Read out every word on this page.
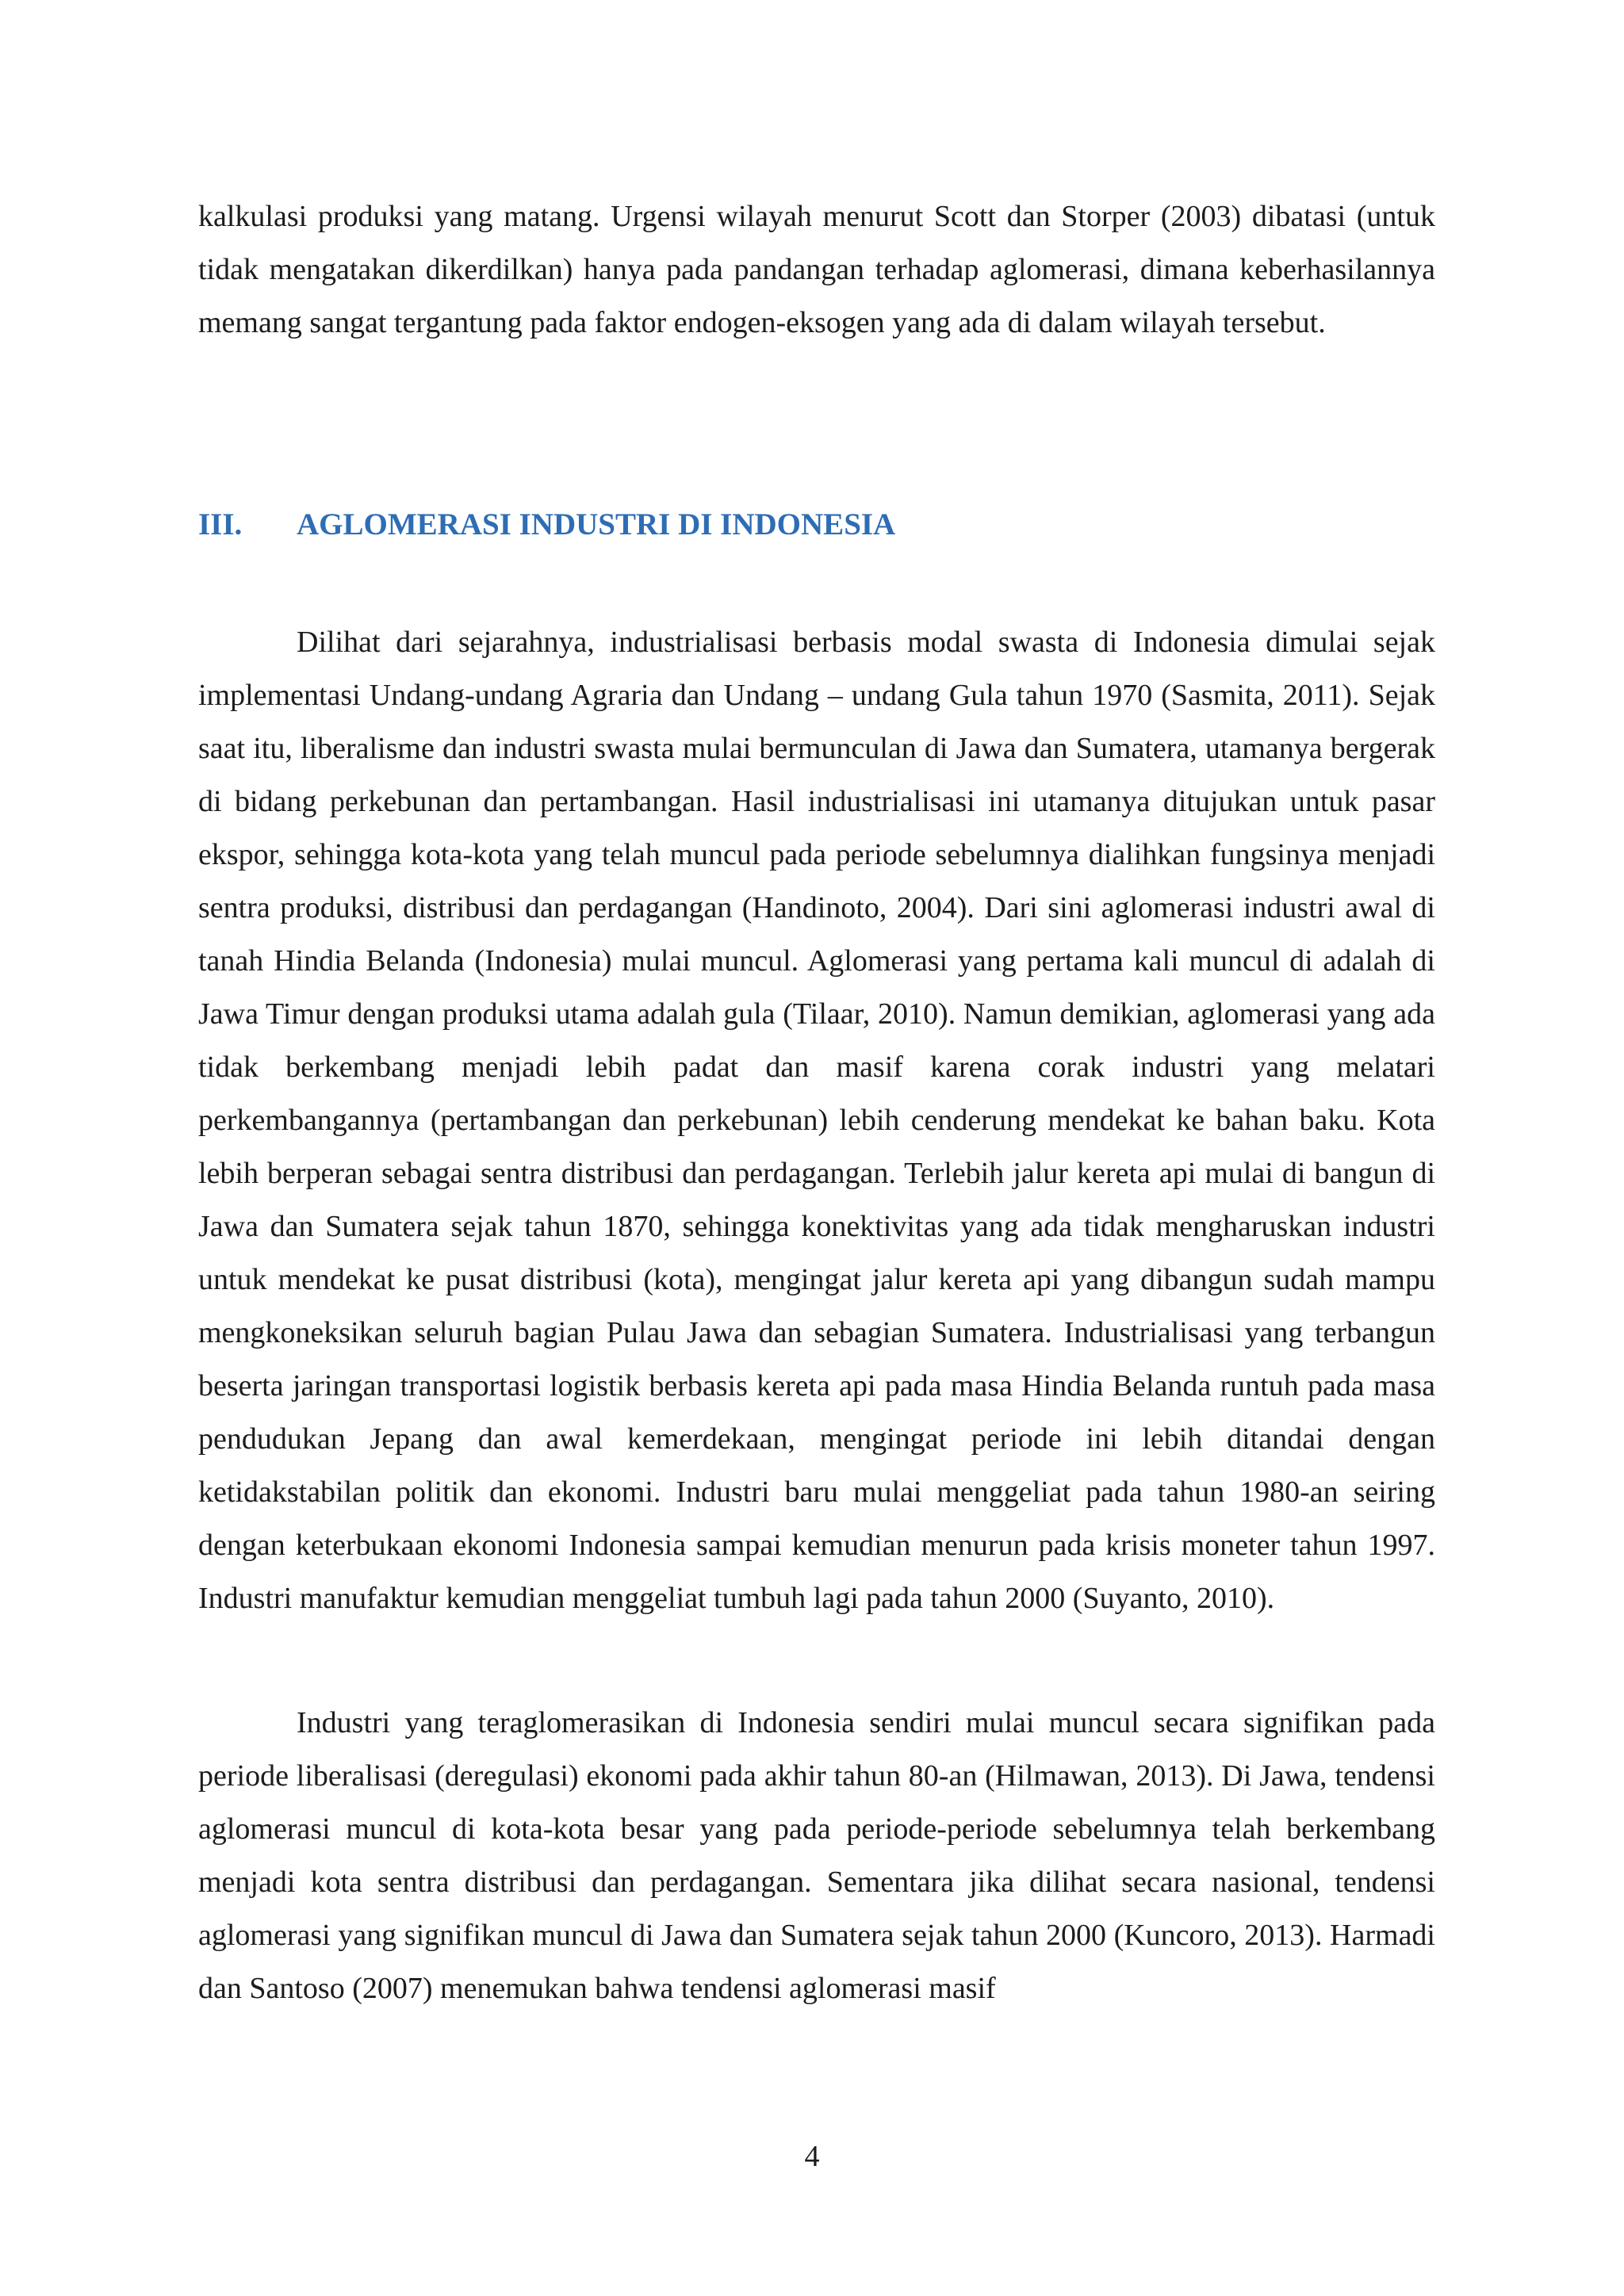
kalkulasi produksi yang matang. Urgensi wilayah menurut Scott dan Storper (2003) dibatasi (untuk tidak mengatakan dikerdilkan) hanya pada pandangan terhadap aglomerasi, dimana keberhasilannya memang sangat tergantung pada faktor endogen-eksogen yang ada di dalam wilayah tersebut.

III. AGLOMERASI INDUSTRI DI INDONESIA

Dilihat dari sejarahnya, industrialisasi berbasis modal swasta di Indonesia dimulai sejak implementasi Undang-undang Agraria dan Undang – undang Gula tahun 1970 (Sasmita, 2011). Sejak saat itu, liberalisme dan industri swasta mulai bermunculan di Jawa dan Sumatera, utamanya bergerak di bidang perkebunan dan pertambangan. Hasil industrialisasi ini utamanya ditujukan untuk pasar ekspor, sehingga kota-kota yang telah muncul pada periode sebelumnya dialihkan fungsinya menjadi sentra produksi, distribusi dan perdagangan (Handinoto, 2004). Dari sini aglomerasi industri awal di tanah Hindia Belanda (Indonesia) mulai muncul. Aglomerasi yang pertama kali muncul di adalah di Jawa Timur dengan produksi utama adalah gula (Tilaar, 2010). Namun demikian, aglomerasi yang ada tidak berkembang menjadi lebih padat dan masif karena corak industri yang melatari perkembangannya (pertambangan dan perkebunan) lebih cenderung mendekat ke bahan baku. Kota lebih berperan sebagai sentra distribusi dan perdagangan. Terlebih jalur kereta api mulai di bangun di Jawa dan Sumatera sejak tahun 1870, sehingga konektivitas yang ada tidak mengharuskan industri untuk mendekat ke pusat distribusi (kota), mengingat jalur kereta api yang dibangun sudah mampu mengkoneksikan seluruh bagian Pulau Jawa dan sebagian Sumatera. Industrialisasi yang terbangun beserta jaringan transportasi logistik berbasis kereta api pada masa Hindia Belanda runtuh pada masa pendudukan Jepang dan awal kemerdekaan, mengingat periode ini lebih ditandai dengan ketidakstabilan politik dan ekonomi. Industri baru mulai menggeliat pada tahun 1980-an seiring dengan keterbukaan ekonomi Indonesia sampai kemudian menurun pada krisis moneter tahun 1997. Industri manufaktur kemudian menggeliat tumbuh lagi pada tahun 2000 (Suyanto, 2010).

Industri yang teraglomerasikan di Indonesia sendiri mulai muncul secara signifikan pada periode liberalisasi (deregulasi) ekonomi pada akhir tahun 80-an (Hilmawan, 2013). Di Jawa, tendensi aglomerasi muncul di kota-kota besar yang pada periode-periode sebelumnya telah berkembang menjadi kota sentra distribusi dan perdagangan. Sementara jika dilihat secara nasional, tendensi aglomerasi yang signifikan muncul di Jawa dan Sumatera sejak tahun 2000 (Kuncoro, 2013). Harmadi dan Santoso (2007) menemukan bahwa tendensi aglomerasi masif

4
